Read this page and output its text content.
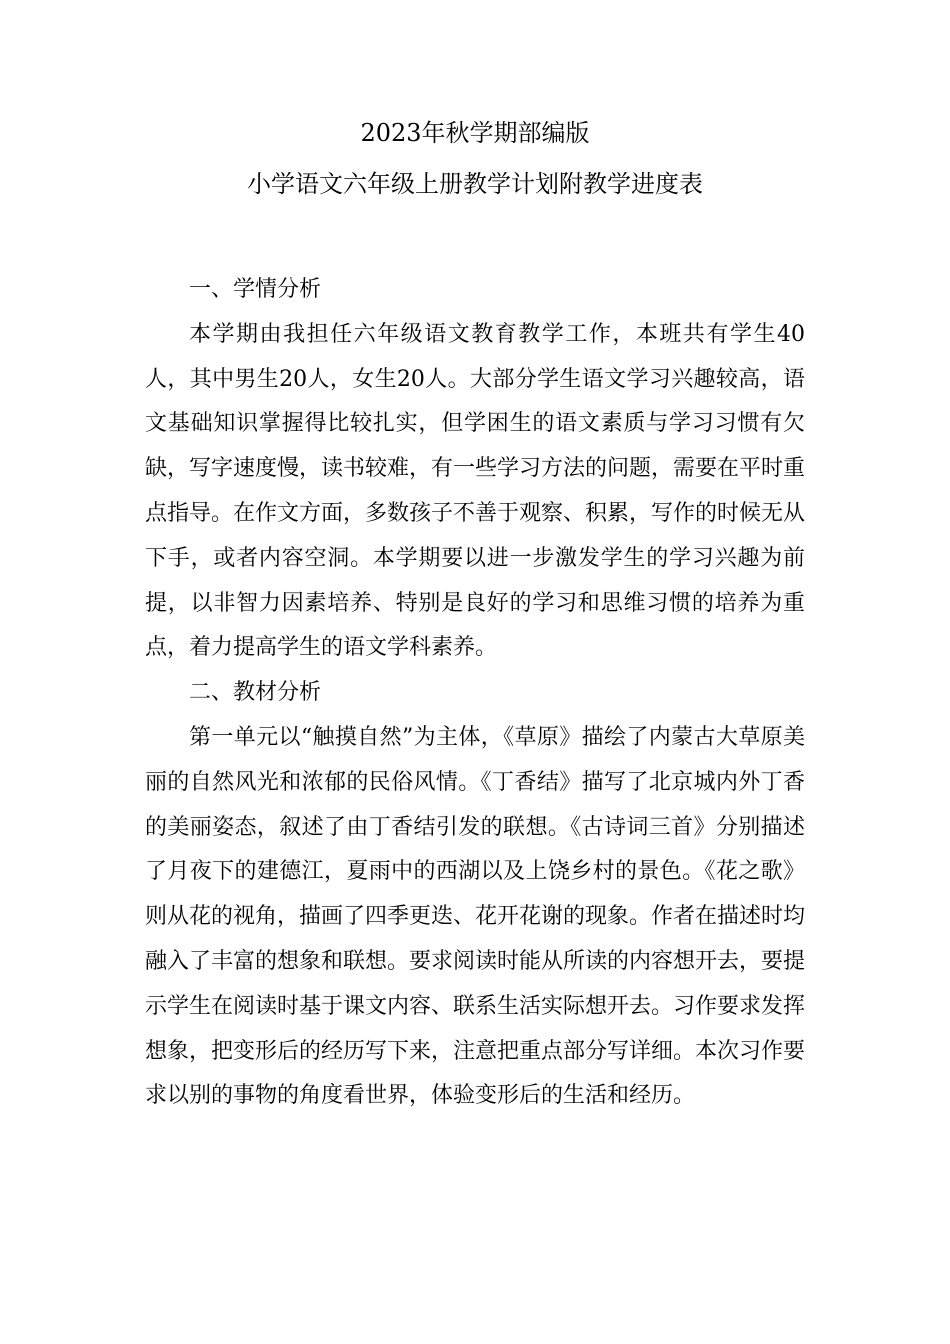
2023年秋学期部编版
小学语文六年级上册教学计划附教学进度表

一、学情分析

本学期由我担任六年级语文教育教学工作，本班共有学生40人，其中男生20人，女生20人。大部分学生语文学习兴趣较高，语文基础知识掌握得比较扎实，但学困生的语文素质与学习习惯有欠缺，写字速度慢，读书较难，有一些学习方法的问题，需要在平时重点指导。在作文方面，多数孩子不善于观察、积累，写作的时候无从下手，或者内容空洞。本学期要以进一步激发学生的学习兴趣为前提，以非智力因素培养、特别是良好的学习和思维习惯的培养为重点，着力提高学生的语文学科素养。

二、教材分析

第一单元以“触摸自然”为主体，《草原》描绘了内蒙古大草原美丽的自然风光和浓郁的民俗风情。《丁香结》描写了北京城内外丁香的美丽姿态，叙述了由丁香结引发的联想。《古诗词三首》分别描述了月夜下的建德江，夏雨中的西湖以及上饶乡村的景色。《花之歌》则从花的视角，描画了四季更迭、花开花谢的现象。作者在描述时均融入了丰富的想象和联想。要求阅读时能从所读的内容想开去，要提示学生在阅读时基于课文内容、联系生活实际想开去。习作要求发挥想象，把变形后的经历写下来，注意把重点部分写详细。本次习作要求以别的事物的角度看世界，体验变形后的生活和经历。
